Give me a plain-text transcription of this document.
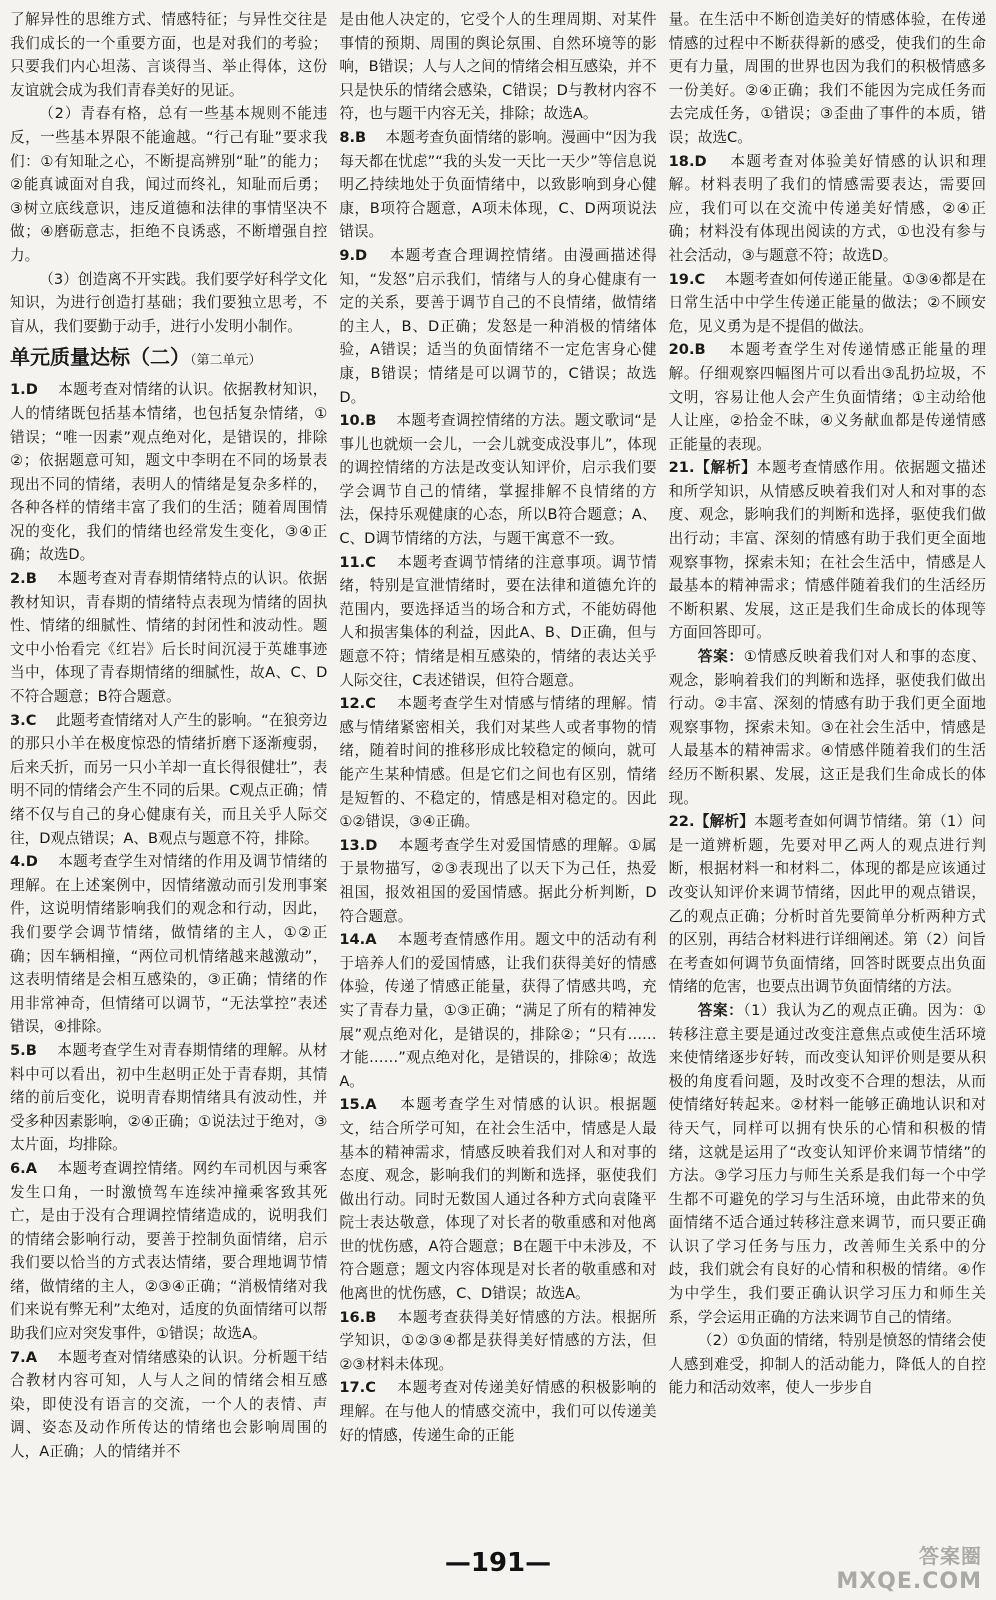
了解异性的思维方式、情感特征；与异性交往是我们成长的一个重要方面，也是对我们的考验；只要我们内心坦荡、言谈得当、举止得体，这份友谊就会成为我们青春美好的见证。

（2）青春有格，总有一些基本规则不能违反，一些基本界限不能逾越。“行己有耻”要求我们：①有知耻之心，不断提高辨别“耻”的能力；②能真诚面对自我，闻过而终礼，知耻而后勇；③树立底线意识，违反道德和法律的事情坚决不做；④磨砺意志，拒绝不良诱惑，不断增强自控力。

（3）创造离不开实践。我们要学好科学文化知识，为进行创造打基础；我们要独立思考，不盲从，我们要勤于动手，进行小发明小制作。

单元质量达标（二）（第二单元）

1.D　 本题考查对情绪的认识。依据教材知识，人的情绪既包括基本情绪，也包括复杂情绪，①错误；“唯一因素”观点绝对化，是错误的，排除②；依据题意可知，题文中李明在不同的场景表现出不同的情绪，表明人的情绪是复杂多样的，各种各样的情绪丰富了我们的生活；随着周围情况的变化，我们的情绪也经常发生变化，③④正确；故选D。

2.B　 本题考查对青春期情绪特点的认识。依据教材知识，青春期的情绪特点表现为情绪的固执性、情绪的细腻性、情绪的封闭性和波动性。题文中小怡看完《红岩》后长时间沉浸于英雄事迹当中，体现了青春期情绪的细腻性，故A、C、D不符合题意；B符合题意。

3.C　 此题考查情绪对人产生的影响。“在狼旁边的那只小羊在极度惊恐的情绪折磨下逐渐瘦弱，后来夭折，而另一只小羊却一直长得很健壮”，表明不同的情绪会产生不同的后果。C观点正确；情绪不仅与自己的身心健康有关，而且关乎人际交往，D观点错误；A、B观点与题意不符，排除。

4.D　 本题考查学生对情绪的作用及调节情绪的理解。在上述案例中，因情绪激动而引发刑事案件，这说明情绪影响我们的观念和行动，因此，我们要学会调节情绪，做情绪的主人，①②正确；因车辆相撞，“两位司机情绪越来越激动”，这表明情绪是会相互感染的，③正确；情绪的作用非常神奇，但情绪可以调节，“无法掌控”表述错误，④排除。

5.B　 本题考查学生对青春期情绪的理解。从材料中可以看出，初中生赵明正处于青春期，其情绪的前后变化，说明青春期情绪具有波动性，并受多种因素影响，②④正确；①说法过于绝对，③太片面，均排除。

6.A　 本题考查调控情绪。网约车司机因与乘客发生口角，一时激愤驾车连续冲撞乘客致其死亡，是由于没有合理调控情绪造成的，说明我们的情绪会影响行动，要善于控制负面情绪，启示我们要以恰当的方式表达情绪，要合理地调节情绪，做情绪的主人，②③④正确；“消极情绪对我们来说有弊无利”太绝对，适度的负面情绪可以帮助我们应对突发事件，①错误；故选A。

7.A　 本题考查对情绪感染的认识。分析题干结合教材内容可知，人与人之间的情绪会相互感染，即使没有语言的交流，一个人的表情、声调、姿态及动作所传达的情绪也会影响周围的人，A正确；人的情绪并不

是由他人决定的，它受个人的生理周期、对某件事情的预期、周围的舆论氛围、自然环境等的影响，B错误；人与人之间的情绪会相互感染，并不只是快乐的情绪会感染，C错误；D与教材内容不符，也与题干内容无关，排除；故选A。

8.B　 本题考查负面情绪的影响。漫画中“因为我每天都在忧虑”“我的头发一天比一天少”等信息说明乙持续地处于负面情绪中，以致影响到身心健康，B项符合题意，A项未体现，C、D两项说法错误。

9.D　 本题考查合理调控情绪。由漫画描述得知，“发怒”启示我们，情绪与人的身心健康有一定的关系，要善于调节自己的不良情绪，做情绪的主人，B、D正确；发怒是一种消极的情绪体验，A错误；适当的负面情绪不一定危害身心健康，B错误；情绪是可以调节的，C错误；故选D。

10.B　 本题考查调控情绪的方法。题文歌词“是事儿也就烦一会儿，一会儿就变成没事儿”，体现的调控情绪的方法是改变认知评价，启示我们要学会调节自己的情绪，掌握排解不良情绪的方法，保持乐观健康的心态，所以B符合题意；A、C、D调节情绪的方法，与题干寓意不一致。

11.C　 本题考查调节情绪的注意事项。调节情绪，特别是宣泄情绪时，要在法律和道德允许的范围内，要选择适当的场合和方式，不能妨碍他人和损害集体的利益，因此A、B、D正确，但与题意不符；情绪是相互感染的，情绪的表达关乎人际交往，C表述错误，但符合题意。

12.C　 本题考查学生对情感与情绪的理解。情感与情绪紧密相关，我们对某些人或者事物的情绪，随着时间的推移形成比较稳定的倾向，就可能产生某种情感。但是它们之间也有区别，情绪是短暂的、不稳定的，情感是相对稳定的。因此①②错误，③④正确。

13.D　 本题考查学生对爱国情感的理解。①属于景物描写，②③表现出了以天下为己任，热爱祖国，报效祖国的爱国情感。据此分析判断，D符合题意。

14.A　 本题考查情感作用。题文中的活动有利于培养人们的爱国情感，让我们获得美好的情感体验，传递了情感正能量，获得了情感共鸣，充实了青春力量，①③正确；“满足了所有的精神发展”观点绝对化，是错误的，排除②；“只有……才能……”观点绝对化，是错误的，排除④；故选A。

15.A　 本题考查学生对情感的认识。根据题文，结合所学可知，在社会生活中，情感是人最基本的精神需求，情感反映着我们对人和对事的态度、观念，影响我们的判断和选择，驱使我们做出行动。同时无数国人通过各种方式向袁隆平院士表达敬意，体现了对长者的敬重感和对他离世的忧伤感，A符合题意；B在题干中未涉及，不符合题意；题文内容体现是对长者的敬重感和对他离世的忧伤感，C、D错误；故选A。

16.B　 本题考查获得美好情感的方法。根据所学知识，①②③④都是获得美好情感的方法，但②③材料未体现。

17.C　 本题考查对传递美好情感的积极影响的理解。在与他人的情感交流中，我们可以传递美好的情感，传递生命的正能

量。在生活中不断创造美好的情感体验，在传递情感的过程中不断获得新的感受，使我们的生命更有力量，周围的世界也因为我们的积极情感多一份美好。②④正确；我们不能因为完成任务而去完成任务，①错误；③歪曲了事件的本质，错误；故选C。

18.D　 本题考查对体验美好情感的认识和理解。材料表明了我们的情感需要表达，需要回应，我们可以在交流中传递美好情感，②④正确；材料没有体现出阅读的方式，①也没有参与社会活动，③与题意不符；故选D。

19.C　 本题考查如何传递正能量。①③④都是在日常生活中中学生传递正能量的做法；②不顾安危，见义勇为是不提倡的做法。

20.B　 本题考查学生对传递情感正能量的理解。仔细观察四幅图片可以看出③乱扔垃圾，不文明，容易让他人会产生负面情绪；①主动给他人让座，②拾金不昧，④义务献血都是传递情感正能量的表现。

21.【解析】本题考查情感作用。依据题文描述和所学知识，从情感反映着我们对人和对事的态度、观念，影响我们的判断和选择，驱使我们做出行动；丰富、深刻的情感有助于我们更全面地观察事物，探索未知；在社会生活中，情感是人最基本的精神需求；情感伴随着我们的生活经历不断积累、发展，这正是我们生命成长的体现等方面回答即可。

答案：①情感反映着我们对人和事的态度、观念，影响着我们的判断和选择，驱使我们做出行动。②丰富、深刻的情感有助于我们更全面地观察事物，探索未知。③在社会生活中，情感是人最基本的精神需求。④情感伴随着我们的生活经历不断积累、发展，这正是我们生命成长的体现。

22.【解析】本题考查如何调节情绪。第（1）问是一道辨析题，先要对甲乙两人的观点进行判断，根据材料一和材料二，体现的都是应该通过改变认知评价来调节情绪，因此甲的观点错误，乙的观点正确；分析时首先要简单分析两种方式的区别，再结合材料进行详细阐述。第（2）问旨在考查如何调节负面情绪，回答时既要点出负面情绪的危害，也要点出调节负面情绪的方法。

答案：（1）我认为乙的观点正确。因为：①转移注意主要是通过改变注意焦点或使生活环境来使情绪逐步好转，而改变认知评价则是要从积极的角度看问题，及时改变不合理的想法，从而使情绪好转起来。②材料一能够正确地认识和对待天气，同样可以拥有快乐的心情和积极的情绪，这就是运用了“改变认知评价来调节情绪”的方法。③学习压力与师生关系是我们每一个中学生都不可避免的学习与生活环境，由此带来的负面情绪不适合通过转移注意来调节，而只要正确认识了学习任务与压力，改善师生关系中的分歧，我们就会有良好的心情和积极的情绪。④作为中学生，我们要正确认识学习压力和师生关系，学会运用正确的方法来调节自己的情绪。

（2）①负面的情绪，特别是愤怒的情绪会使人感到难受，抑制人的活动能力，降低人的自控能力和活动效率，使人一步步自

—191—	答案圈
MXQE.COM
